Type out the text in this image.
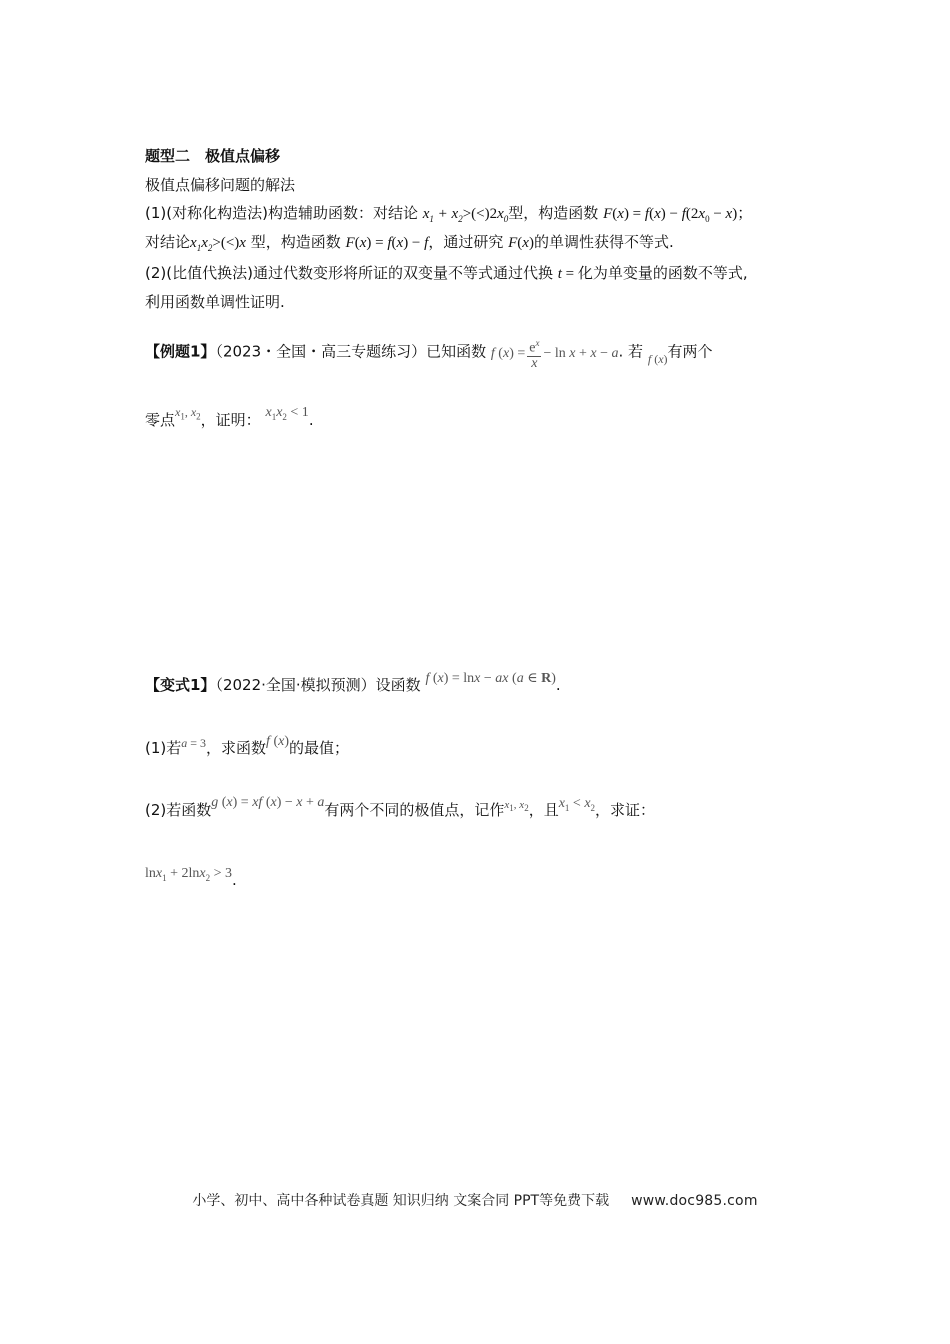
题型二　极值点偏移
极值点偏移问题的解法
(1)(对称化构造法)构造辅助函数：对结论 $x_1 + x_2>(<)2x_0$型，构造函数 $F(x) = f(x) - f(2x_0 - x)$；
对结论$x_1x_2>(<)x$ 型，构造函数 F(x) = f(x) − f，通过研究 F(x)的单调性获得不等式.
(2)(比值代换法)通过代数变形将所证的双变量不等式通过代换 t = 化为单变量的函数不等式,
利用函数单调性证明.
【例题1】（2023・全国・高三专题练习）已知函数 f $(x) = \frac{e^x}{x} - \ln x + x - a$. 若 $_{f (x)}$有两个
零点$^{x_1, x_2}$，证明： $x_1x_2 < 1$.
【变式1】（2022·全国·模拟预测）设函数 f (x) = lnx − ax (a ∈ R).
(1)若$^{a = 3}$，求函数f (x)的最值；
(2)若函数g (x) = xf (x) − x + a有两个不同的极值点，记作$^{x_1, x_2}$，且$x_1 < x_2$，求证：
lnx$_1$ + 2lnx$_2$ > 3.
小学、初中、高中各种试卷真题 知识归纳 文案合同 PPT等免费下载 www.doc985.com
